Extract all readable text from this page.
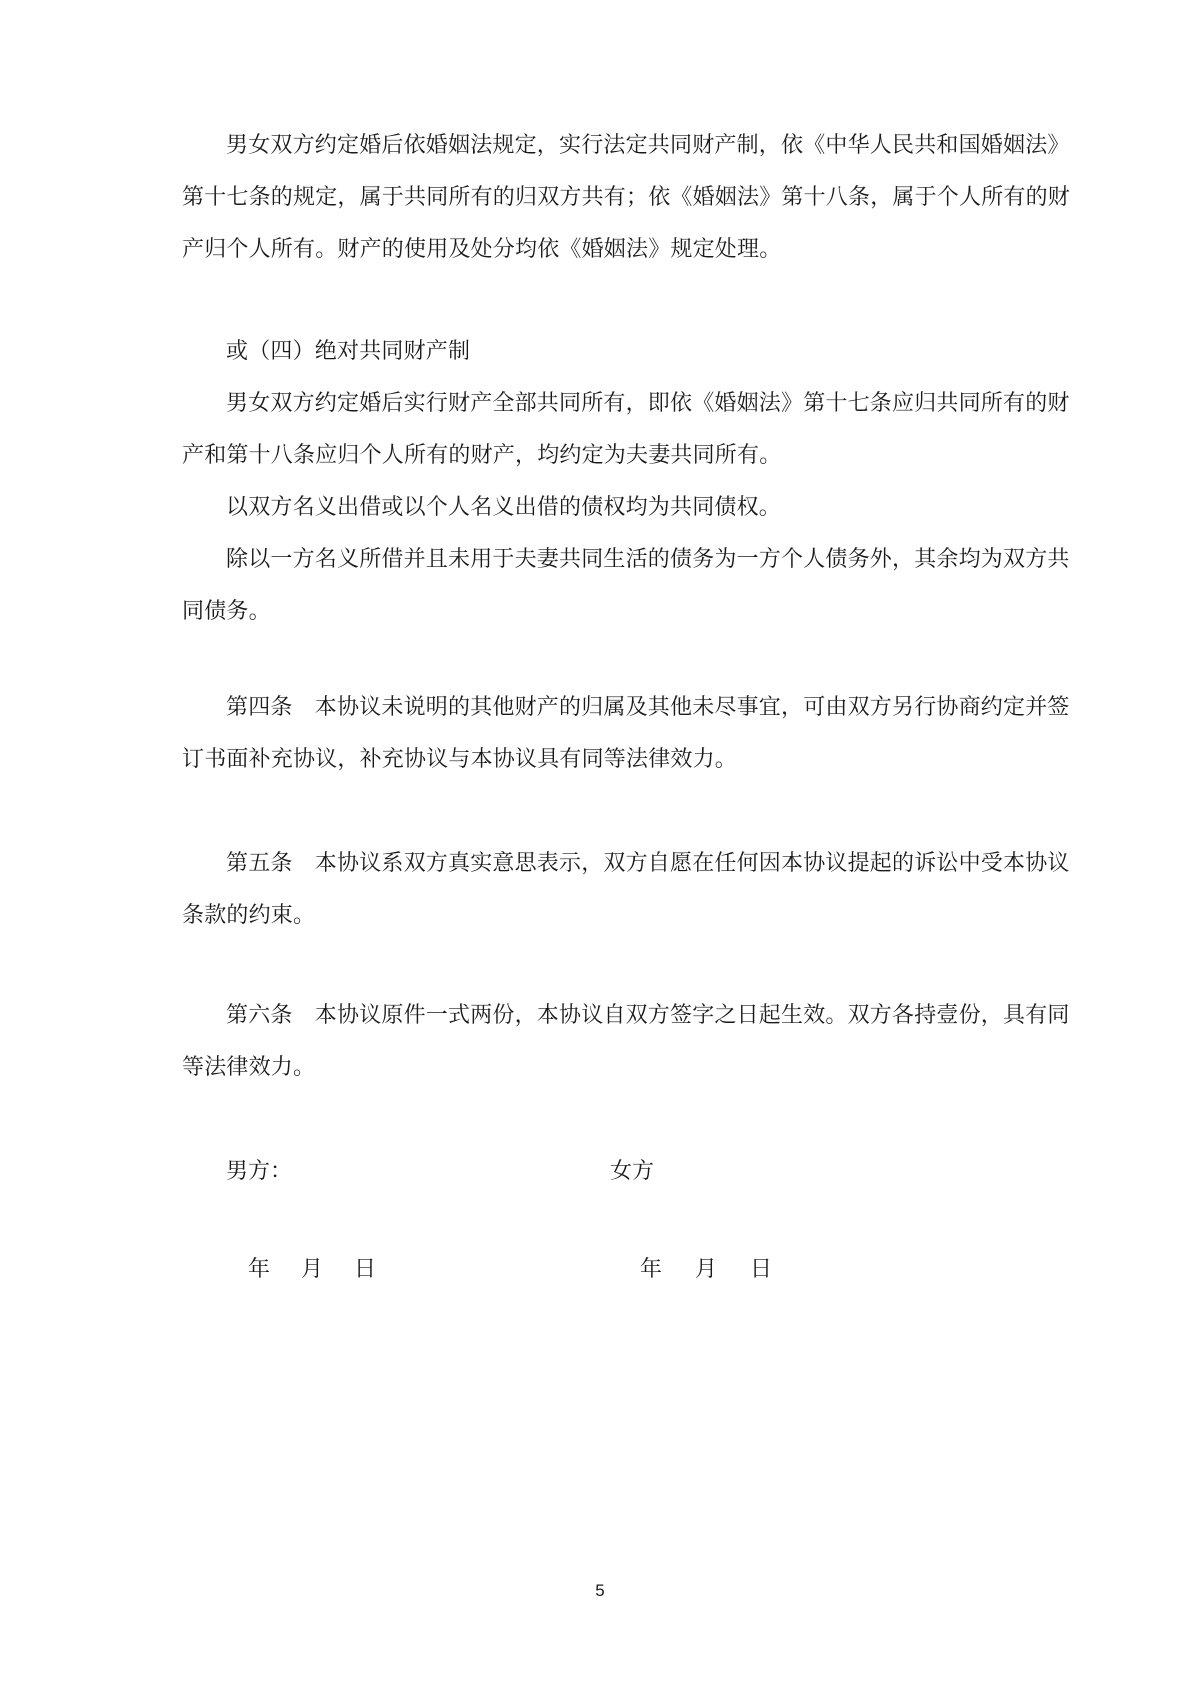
男女双方约定婚后依婚姻法规定，实行法定共同财产制，依《中华人民共和国婚姻法》
第十七条的规定，属于共同所有的归双方共有；依《婚姻法》第十八条，属于个人所有的财
产归个人所有。财产的使用及处分均依《婚姻法》规定处理。
或（四）绝对共同财产制
男女双方约定婚后实行财产全部共同所有，即依《婚姻法》第十七条应归共同所有的财
产和第十八条应归个人所有的财产，均约定为夫妻共同所有。
以双方名义出借或以个人名义出借的债权均为共同债权。
除以一方名义所借并且未用于夫妻共同生活的债务为一方个人债务外，其余均为双方共
同债务。
第四条　本协议未说明的其他财产的归属及其他未尽事宜，可由双方另行协商约定并签
订书面补充协议，补充协议与本协议具有同等法律效力。
第五条　本协议系双方真实意思表示，双方自愿在任何因本协议提起的诉讼中受本协议
条款的约束。
第六条　本协议原件一式两份，本协议自双方签字之日起生效。双方各持壹份，具有同
等法律效力。
男方：	女方
年 月 日	年 月 日
5
